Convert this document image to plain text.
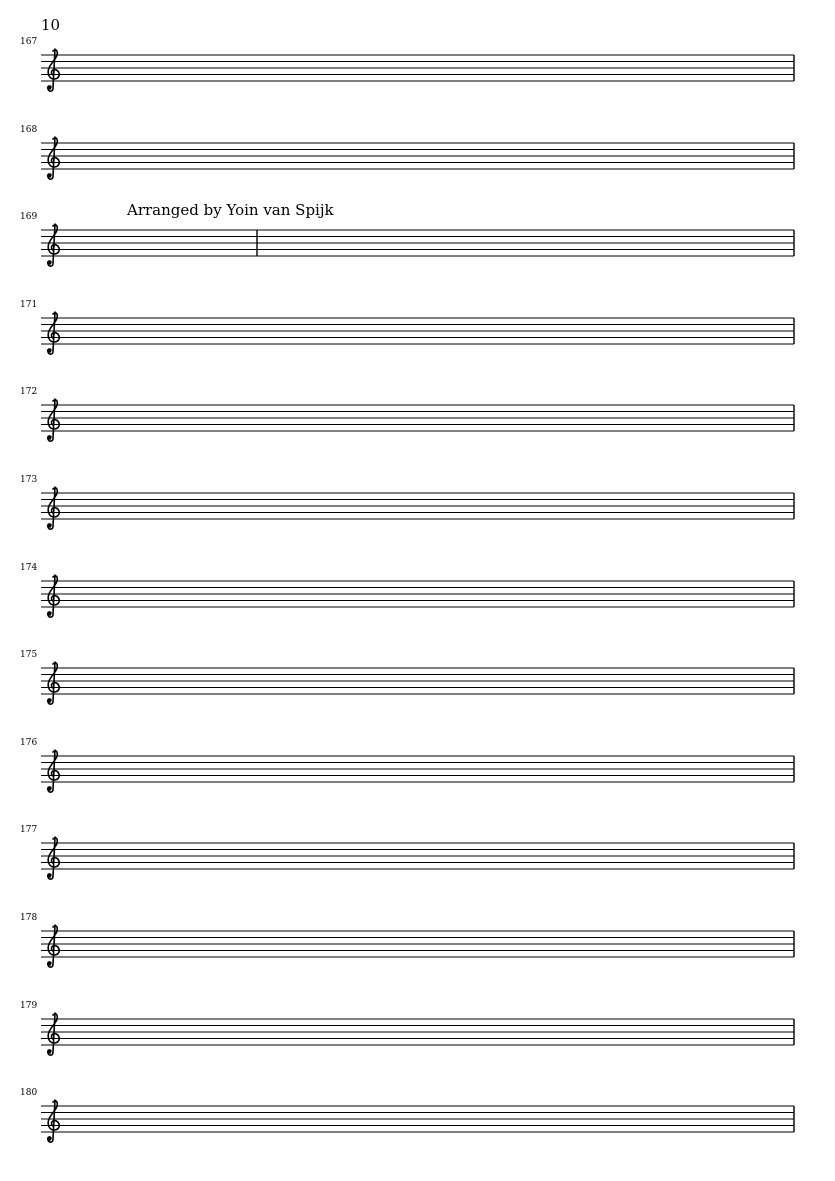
10
Arranged by Yoin van Spijk
167
168
169
171
172
173
174
175
176
177
178
179
180
